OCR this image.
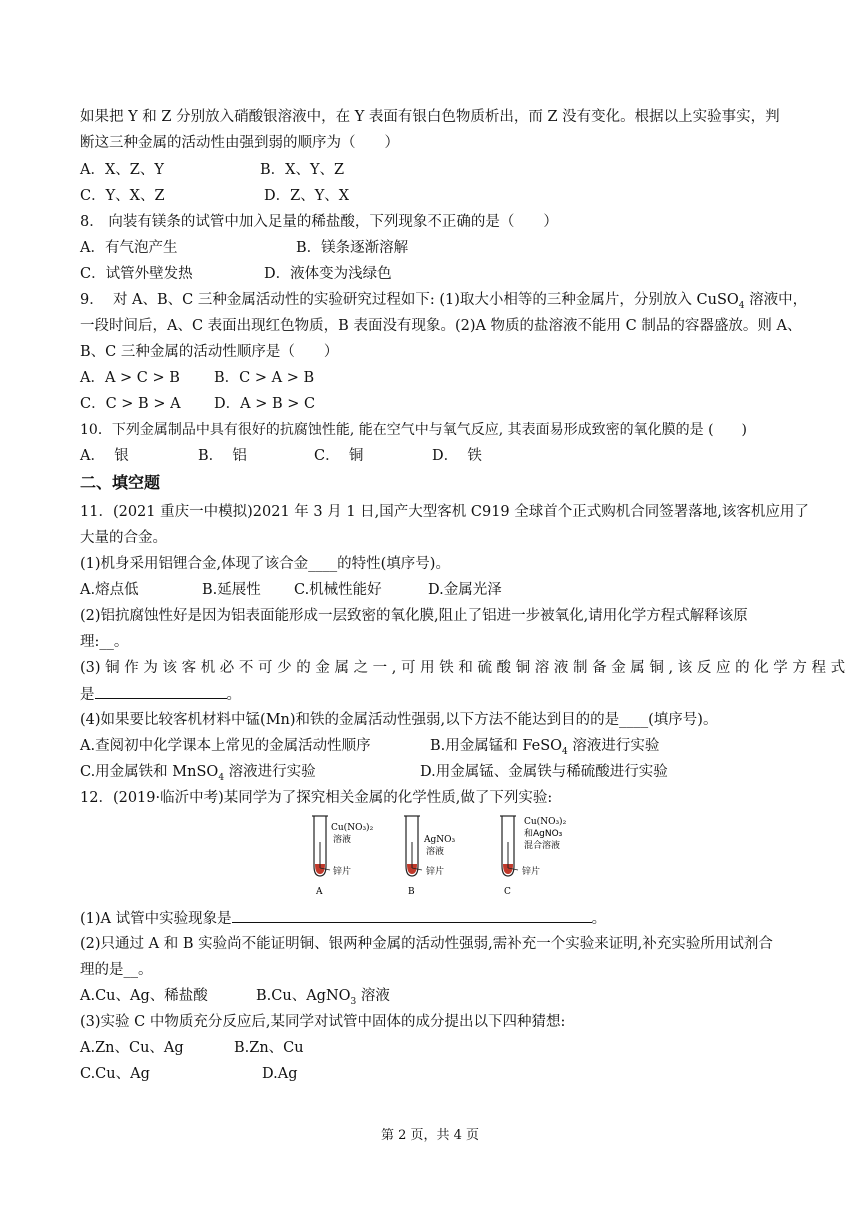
如果把 Y 和 Z 分别放入硝酸银溶液中，在 Y 表面有银白色物质析出，而 Z 没有变化。根据以上实验事实，判
断这三种金属的活动性由强到弱的顺序为（　　）
A．X、Z、Y	B．X、Y、Z
C．Y、X、Z	D．Z、Y、X
8． 向装有镁条的试管中加入足量的稀盐酸，下列现象不正确的是（　　）
A．有气泡产生	B．镁条逐渐溶解
C．试管外壁发热	D．液体变为浅绿色
9．  对 A、B、C 三种金属活动性的实验研究过程如下: (1)取大小相等的三种金属片，分别放入 CuSO$_4$ 溶液中，
一段时间后，A、C 表面出现红色物质，B 表面没有现象。(2)A 物质的盐溶液不能用 C 制品的容器盛放。则 A、
B、C 三种金属的活动性顺序是（　　）
A．A > C > B B．C > A > B
C．C > B > A D．A > B > C
10．下列金属制品中具有很好的抗腐蚀性能, 能在空气中与氧气反应, 其表面易形成致密的氧化膜的是 (　　)
A．  银	B．  铝	C．  铜	D．  铁
二、填空题
11．(2021 重庆一中模拟)2021 年 3 月 1 日,国产大型客机 C919 全球首个正式购机合同签署落地,该客机应用了
大量的合金。
(1)机身采用铝锂合金,体现了该合金____的特性(填序号)。
A.熔点低	B.延展性 C.机械性能好	D.金属光泽
(2)铝抗腐蚀性好是因为铝表面能形成一层致密的氧化膜,阻止了铝进一步被氧化,请用化学方程式解释该原
理:__。
(3) 铜 作 为 该 客 机 必 不 可 少 的 金 属 之 一 , 可 用 铁 和 硫 酸 铜 溶 液 制 备 金 属 铜 , 该 反 应 的 化 学 方 程 式
是	。
(4)如果要比较客机材料中锰(Mn)和铁的金属活动性强弱,以下方法不能达到目的的是____(填序号)。
A.查阅初中化学课本上常见的金属活动性顺序	B.用金属锰和 FeSO$_4$ 溶液进行实验
C.用金属铁和 MnSO$_4$ 溶液进行实验	D.用金属锰、金属铁与稀硫酸进行实验
12．(2019·临沂中考)某同学为了探究相关金属的化学性质,做了下列实验:
Cu(NO₃)₂
溶液
锌片
A
AgNO₃
溶液
锌片
B
Cu(NO₃)₂
和AgNO₃
混合溶液
锌片
C
(1)A 试管中实验现象是	。
(2)只通过 A 和 B 实验尚不能证明铜、银两种金属的活动性强弱,需补充一个实验来证明,补充实验所用试剂合
理的是__。
A.Cu、Ag、稀盐酸	B.Cu、AgNO$_3$ 溶液
(3)实验 C 中物质充分反应后,某同学对试管中固体的成分提出以下四种猜想:
A.Zn、Cu、Ag	B.Zn、Cu
C.Cu、Ag	D.Ag
第 2 页，共 4 页
